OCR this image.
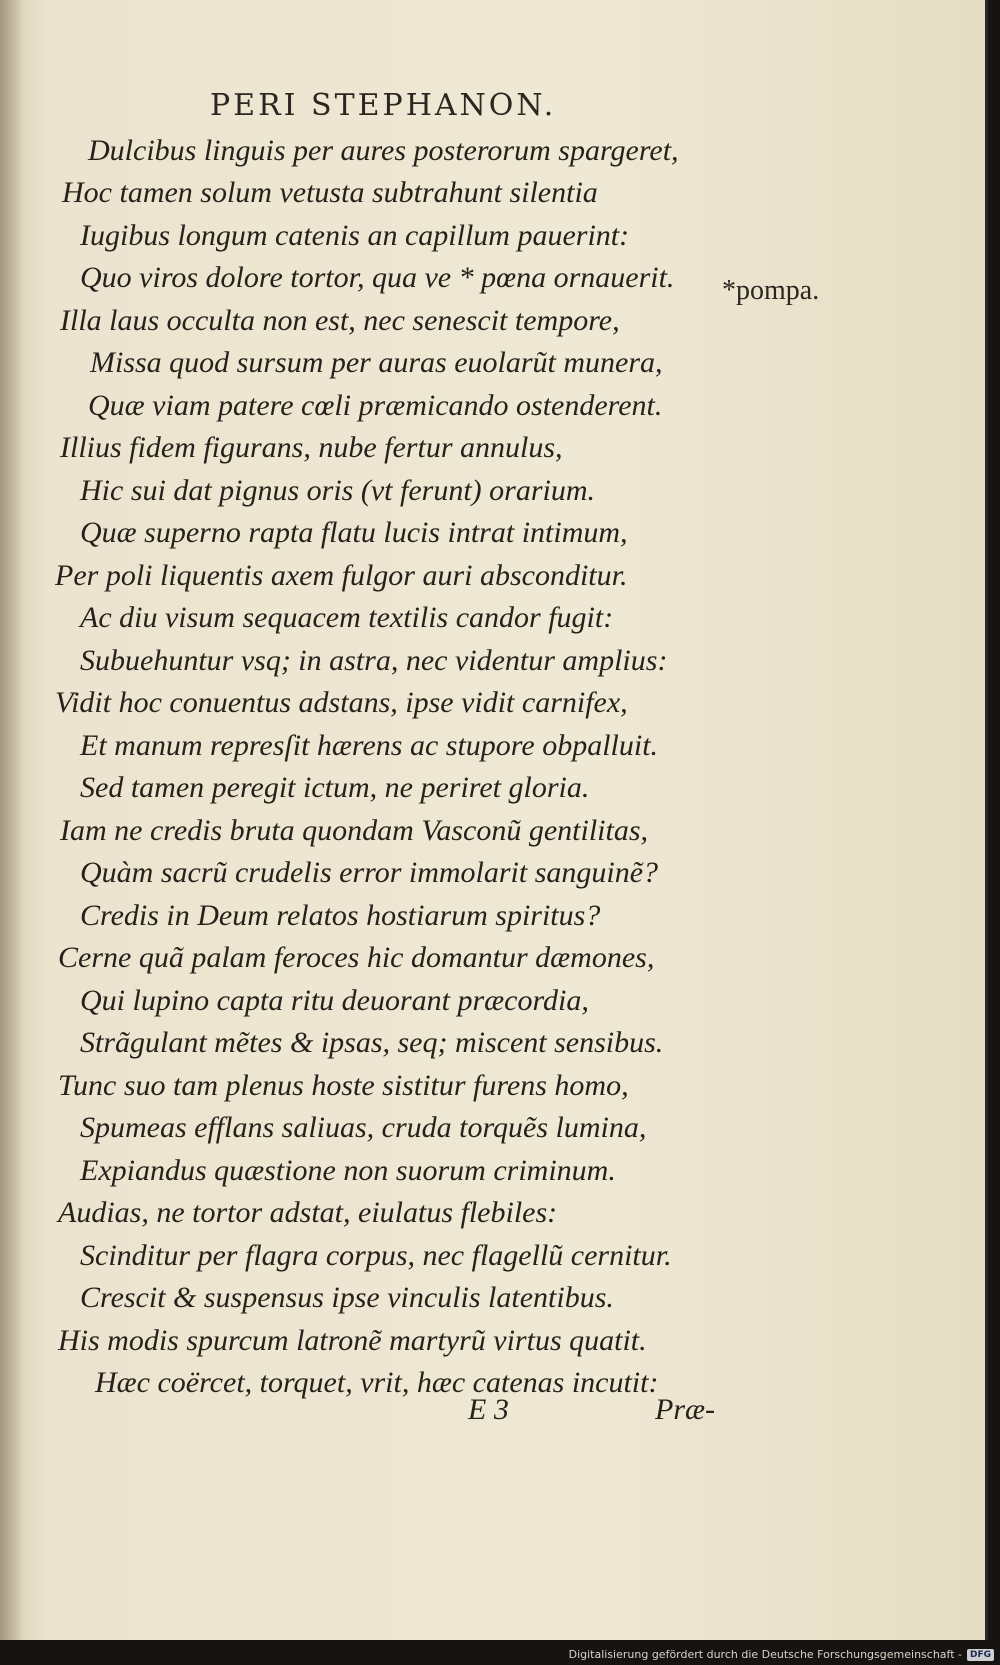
PERI STEPHANON.
Dulcibus linguis per aures posterorum spargeret,
Hoc tamen solum vetusta subtrahunt silentia
Iugibus longum catenis an capillum pauerint:
Quo viros dolore tortor, qua ve * pœna ornauerit.
Illa laus occulta non est, nec senescit tempore,
Missa quod sursum per auras euolarũt munera,
Quæ viam patere cœli præmicando ostenderent.
Illius fidem figurans, nube fertur annulus,
Hic sui dat pignus oris (vt ferunt) orarium.
Quæ superno rapta flatu lucis intrat intimum,
Per poli liquentis axem fulgor auri absconditur.
Ac diu visum sequacem textilis candor fugit:
Subuehuntur vsq; in astra, nec videntur amplius:
Vidit hoc conuentus adstans, ipse vidit carnifex,
Et manum represſit hærens ac stupore obpalluit.
Sed tamen peregit ictum, ne periret gloria.
Iam ne credis bruta quondam Vasconũ gentilitas,
Quàm sacrũ crudelis error immolarit sanguinẽ?
Credis in Deum relatos hostiarum spiritus?
Cerne quã palam feroces hic domantur dæmones,
Qui lupino capta ritu deuorant præcordia,
Strãgulant mẽtes & ipsas, seq; miscent sensibus.
Tunc suo tam plenus hoste sistitur furens homo,
Spumeas efflans saliuas, cruda torquẽs lumina,
Expiandus quæstione non suorum criminum.
Audias, ne tortor adstat, eiulatus flebiles:
Scinditur per flagra corpus, nec flagellũ cernitur.
Crescit & suspensus ipse vinculis latentibus.
His modis spurcum latronẽ martyrũ virtus quatit.
Hæc coërcet, torquet, vrit, hæc catenas incutit:
*pompa.
E 3	Præ-
Digitalisierung gefördert durch die Deutsche Forschungsgemeinschaft - DFG
